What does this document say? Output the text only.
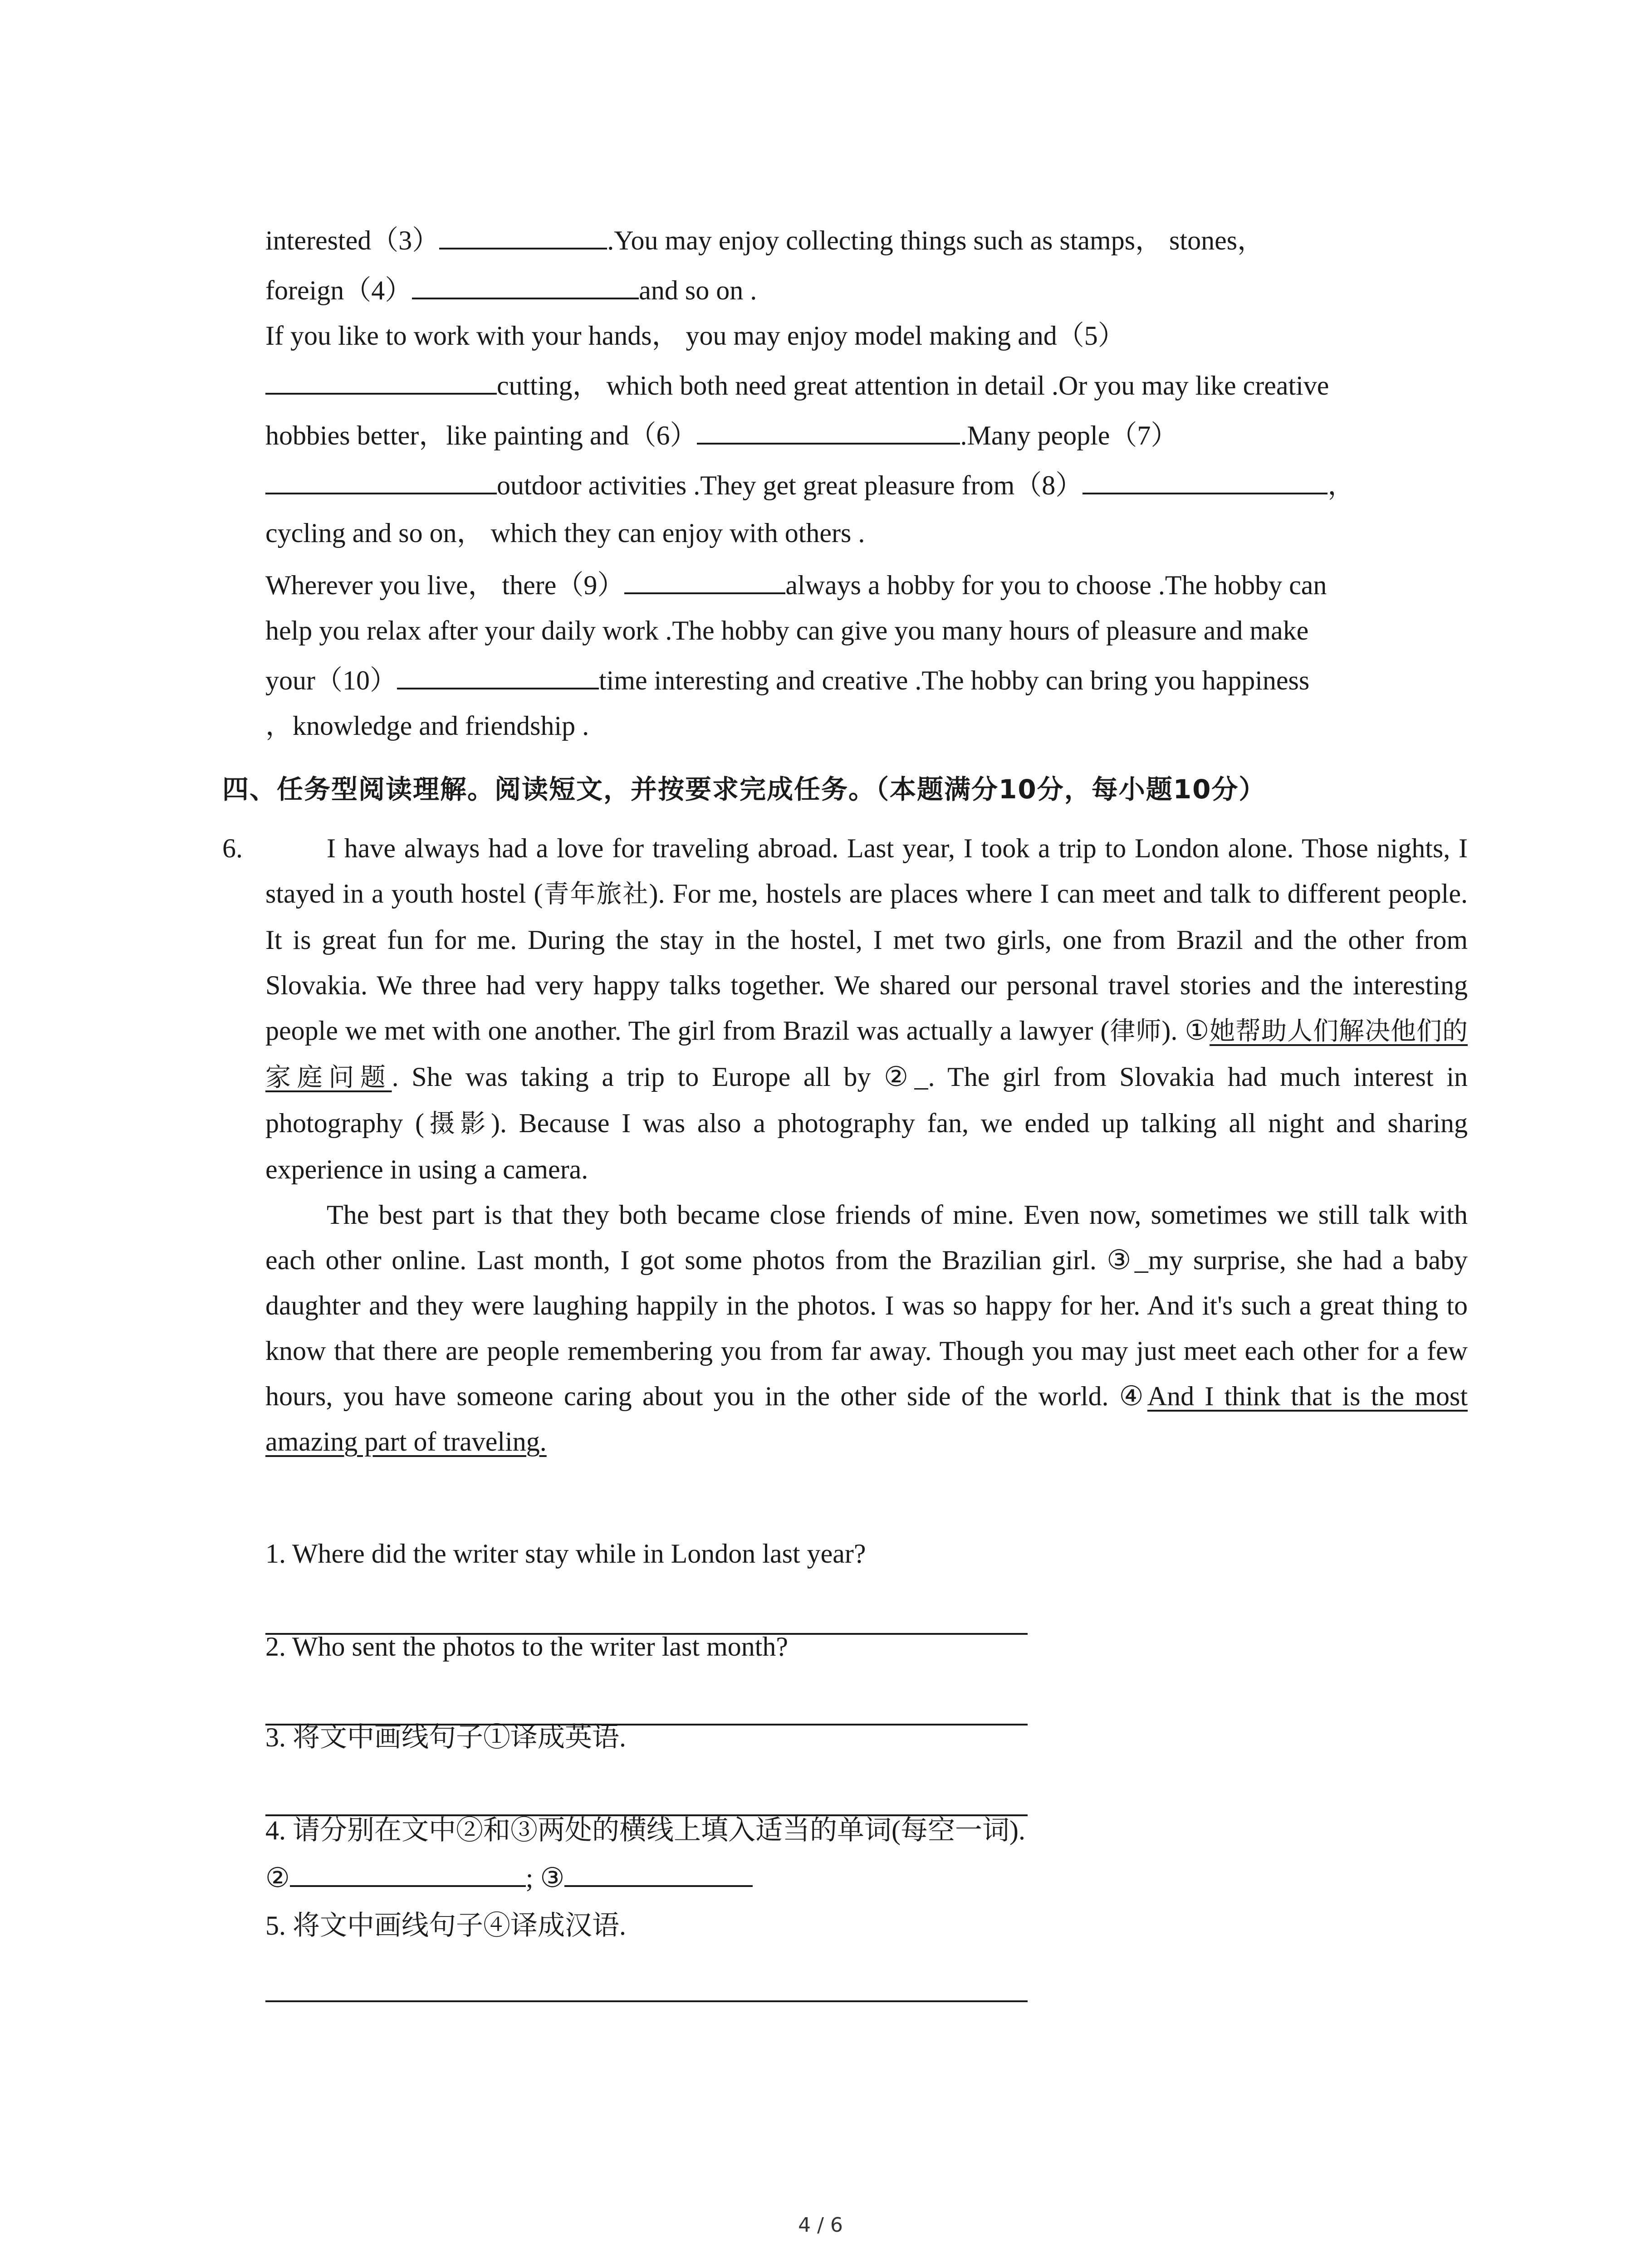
interested（3）	.You may enjoy collecting things such as stamps， stones，
foreign（4）	and so on .
If you like to work with your hands， you may enjoy model making and（5）
cutting， which both need great attention in detail .Or you may like creative
hobbies better，like painting and（6）	.Many people（7）
outdoor activities .They get great pleasure from（8）	，
cycling and so on， which they can enjoy with others .
Wherever you live， there（9）	always a hobby for you to choose .The hobby can
help you relax after your daily work .The hobby can give you many hours of pleasure and make
your（10）	time interesting and creative .The hobby can bring you happiness
，knowledge and friendship .
四、任务型阅读理解。阅读短文，并按要求完成任务。（本题满分10分，每小题10分）
6.	I have always had a love for traveling abroad. Last year, I took a trip to London alone. Those nights, I stayed in a youth hostel (青年旅社). For me, hostels are places where I can meet and talk to different people. It is great fun for me. During the stay in the hostel, I met two girls, one from Brazil and the other from Slovakia. We three had very happy talks together. We shared our personal travel stories and the interesting people we met with one another. The girl from Brazil was actually a lawyer (律师). ①她帮助人们解决他们的家庭问题. She was taking a trip to Europe all by ②_. The girl from Slovakia had much interest in photography (摄影). Because I was also a photography fan, we ended up talking all night and sharing experience in using a camera.

The best part is that they both became close friends of mine. Even now, sometimes we still talk with each other online. Last month, I got some photos from the Brazilian girl. ③_my surprise, she had a baby daughter and they were laughing happily in the photos. I was so happy for her. And it's such a great thing to know that there are people remembering you from far away. Though you may just meet each other for a few hours, you have someone caring about you in the other side of the world. ④And I think that is the most amazing part of traveling.

1. Where did the writer stay while in London last year?
2. Who sent the photos to the writer last month?
3. 将文中画线句子①译成英语.
4. 请分别在文中②和③两处的横线上填入适当的单词(每空一词).
②	; ③
5. 将文中画线句子④译成汉语.
4 / 6
